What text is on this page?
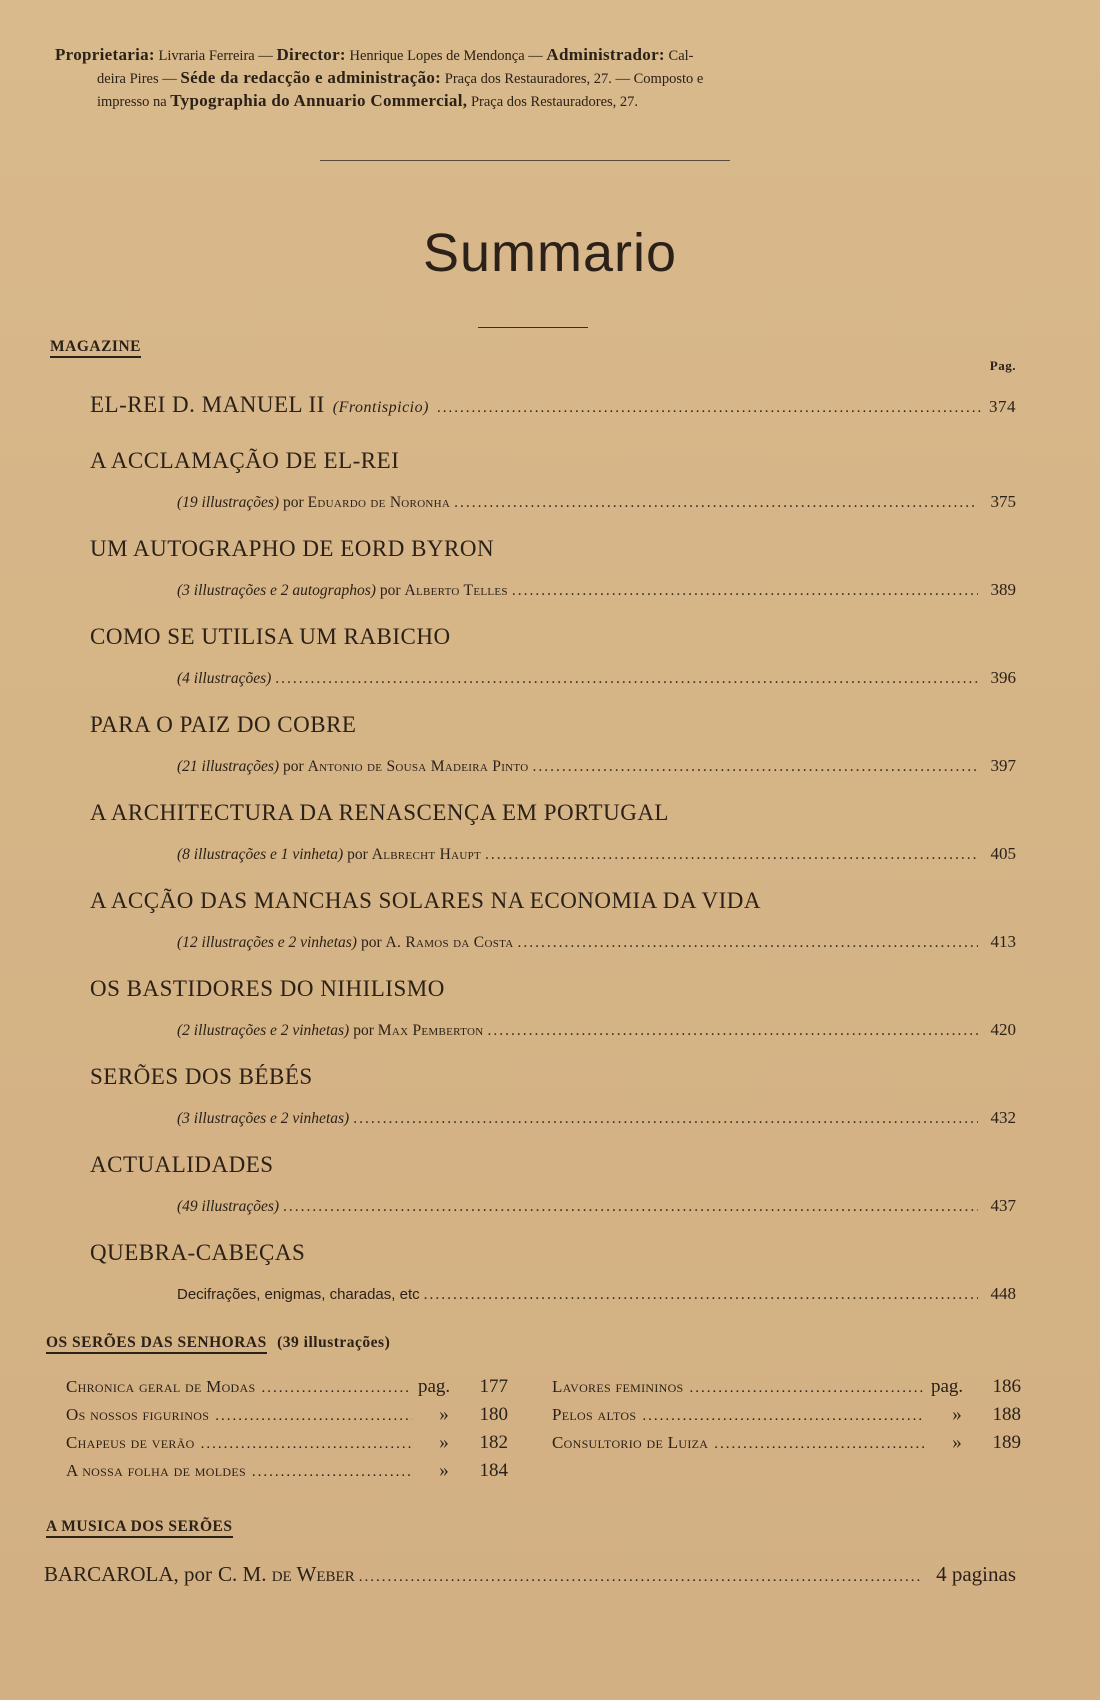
Proprietaria: Livraria Ferreira — Director: Henrique Lopes de Mendonça — Administrador: Cal-
deira Pires — Séde da redacção e administração: Praça dos Restauradores, 27. — Composto e
impresso na Typographia do Annuario Commercial, Praça dos Restauradores, 27.
Summario
MAGAZINE
Pag.
EL-REI D. MANUEL II (Frontispicio) .....	374
A ACCLAMAÇÃO DE EL-REI
(19 illustrações) por Eduardo de Noronha .....	375
UM AUTOGRAPHO DE EORD BYRON
(3 illustrações e 2 autographos) por Alberto Telles .....	389
COMO SE UTILISA UM RABICHO
(4 illustrações) .....	396
PARA O PAIZ DO COBRE
(21 illustrações) por Antonio de Sousa Madeira Pinto .....	397
A ARCHITECTURA DA RENASCENÇA EM PORTUGAL
(8 illustrações e 1 vinheta) por Albrecht Haupt .....	405
A ACÇÃO DAS MANCHAS SOLARES NA ECONOMIA DA VIDA
(12 illustrações e 2 vinhetas) por A. Ramos da Costa .....	413
OS BASTIDORES DO NIHILISMO
(2 illustrações e 2 vinhetas) por Max Pemberton .....	420
SERÕES DOS BÉBÉS
(3 illustrações e 2 vinhetas) .....	432
ACTUALIDADES
(49 illustrações) .....	437
QUEBRA-CABEÇAS
Decifrações, enigmas, charadas, etc .....	448
OS SERÕES DAS SENHORAS (39 illustrações)
Chronica geral de Modas .....	pag.	177	Lavores femininos .....	pag.	186
Os nossos figurinos .....	»	180	Pelos altos .....	»	188
Chapeus de verão .....	»	182	Consultorio de Luiza .....	»	189
A nossa folha de moldes .....	»	184
A MUSICA DOS SERÕES
BARCAROLA, por C. M. de Weber .....	4 paginas
